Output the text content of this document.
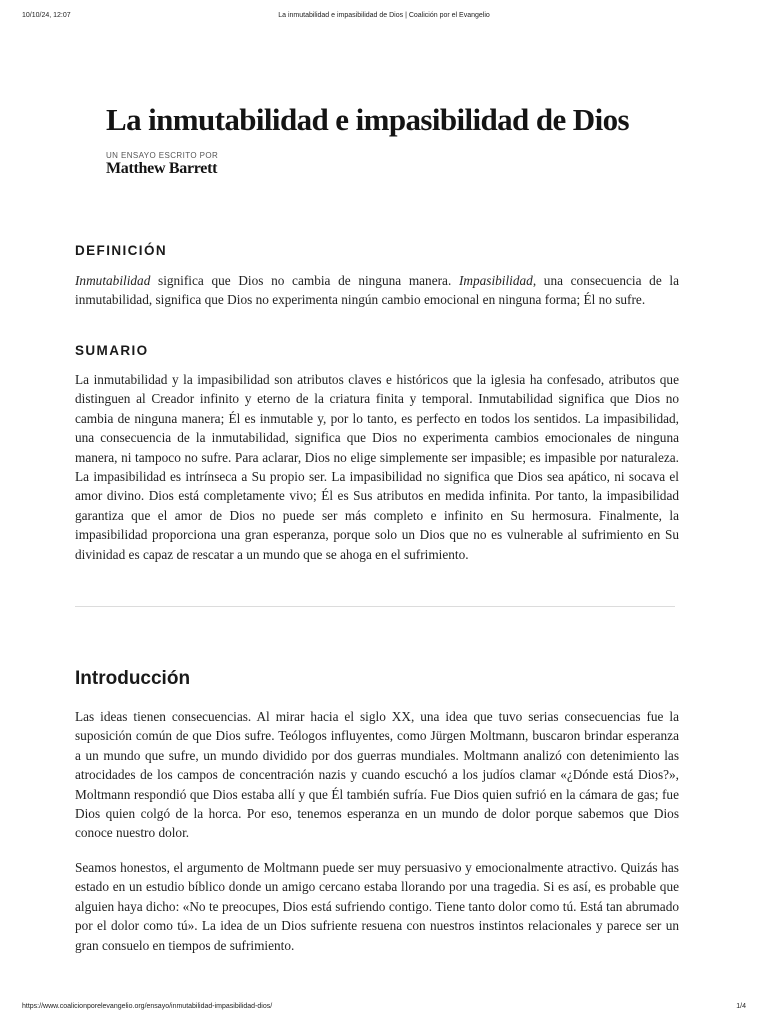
10/10/24, 12:07	La inmutabilidad e impasibilidad de Dios | Coalición por el Evangelio
La inmutabilidad e impasibilidad de Dios
UN ENSAYO ESCRITO POR
Matthew Barrett
DEFINICIÓN

Inmutabilidad significa que Dios no cambia de ninguna manera. Impasibilidad, una consecuencia de la inmutabilidad, significa que Dios no experimenta ningún cambio emocional en ninguna forma; Él no sufre.

SUMARIO

La inmutabilidad y la impasibilidad son atributos claves e históricos que la iglesia ha confesado, atributos que distinguen al Creador infinito y eterno de la criatura finita y temporal. Inmutabilidad significa que Dios no cambia de ninguna manera; Él es inmutable y, por lo tanto, es perfecto en todos los sentidos. La impasibilidad, una consecuencia de la inmutabilidad, significa que Dios no experimenta cambios emocionales de ninguna manera, ni tampoco no sufre. Para aclarar, Dios no elige simplemente ser impasible; es impasible por naturaleza. La impasibilidad es intrínseca a Su propio ser. La impasibilidad no significa que Dios sea apático, ni socava el amor divino. Dios está completamente vivo; Él es Sus atributos en medida infinita. Por tanto, la impasibilidad garantiza que el amor de Dios no puede ser más completo e infinito en Su hermosura. Finalmente, la impasibilidad proporciona una gran esperanza, porque solo un Dios que no es vulnerable al sufrimiento en Su divinidad es capaz de rescatar a un mundo que se ahoga en el sufrimiento.

Introducción

Las ideas tienen consecuencias. Al mirar hacia el siglo XX, una idea que tuvo serias consecuencias fue la suposición común de que Dios sufre. Teólogos influyentes, como Jürgen Moltmann, buscaron brindar esperanza a un mundo que sufre, un mundo dividido por dos guerras mundiales. Moltmann analizó con detenimiento las atrocidades de los campos de concentración nazis y cuando escuchó a los judíos clamar «¿Dónde está Dios?», Moltmann respondió que Dios estaba allí y que Él también sufría. Fue Dios quien sufrió en la cámara de gas; fue Dios quien colgó de la horca. Por eso, tenemos esperanza en un mundo de dolor porque sabemos que Dios conoce nuestro dolor.

Seamos honestos, el argumento de Moltmann puede ser muy persuasivo y emocionalmente atractivo. Quizás has estado en un estudio bíblico donde un amigo cercano estaba llorando por una tragedia. Si es así, es probable que alguien haya dicho: «No te preocupes, Dios está sufriendo contigo. Tiene tanto dolor como tú. Está tan abrumado por el dolor como tú». La idea de un Dios sufriente resuena con nuestros instintos relacionales y parece ser un gran consuelo en tiempos de sufrimiento.

https://www.coalicionporelevangelio.org/ensayo/inmutabilidad-impasibilidad-dios/	1/4
